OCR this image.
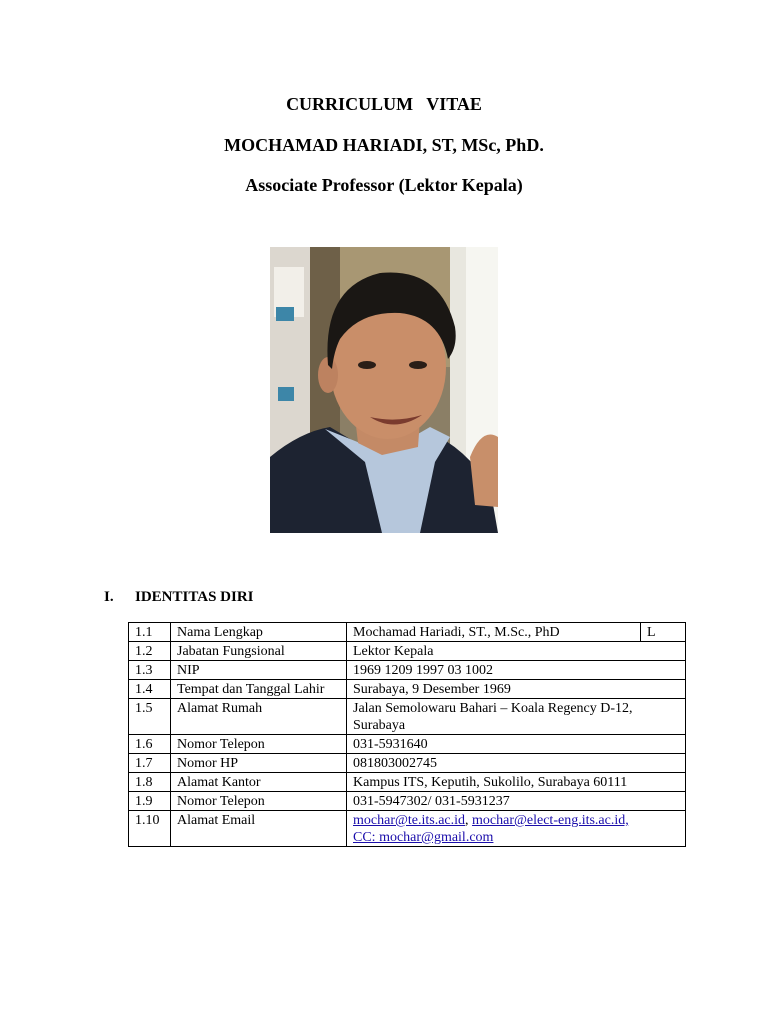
CURRICULUM   VITAE
MOCHAMAD HARIADI, ST, MSc, PhD.
Associate Professor (Lektor Kepala)
I. IDENTITAS DIRI
1.1	Nama Lengkap	Mochamad Hariadi, ST., M.Sc., PhD	L
1.2	Jabatan Fungsional	Lektor Kepala	
1.3	NIP	1969 1209 1997 03 1002	
1.4	Tempat dan Tanggal Lahir	Surabaya, 9 Desember 1969	
1.5	Alamat Rumah	Jalan Semolowaru Bahari – Koala Regency D-12,
Surabaya	

1.6	Nomor Telepon	031-5931640	
1.7	Nomor HP	081803002745	
1.8	Alamat Kantor	Kampus ITS, Keputih, Sukolilo, Surabaya 60111	
1.9	Nomor Telepon	031-5947302/ 031-5931237	
1.10	Alamat Email	mochar@te.its.ac.id, mochar@elect-eng.its.ac.id,
CC: mochar@gmail.com	
